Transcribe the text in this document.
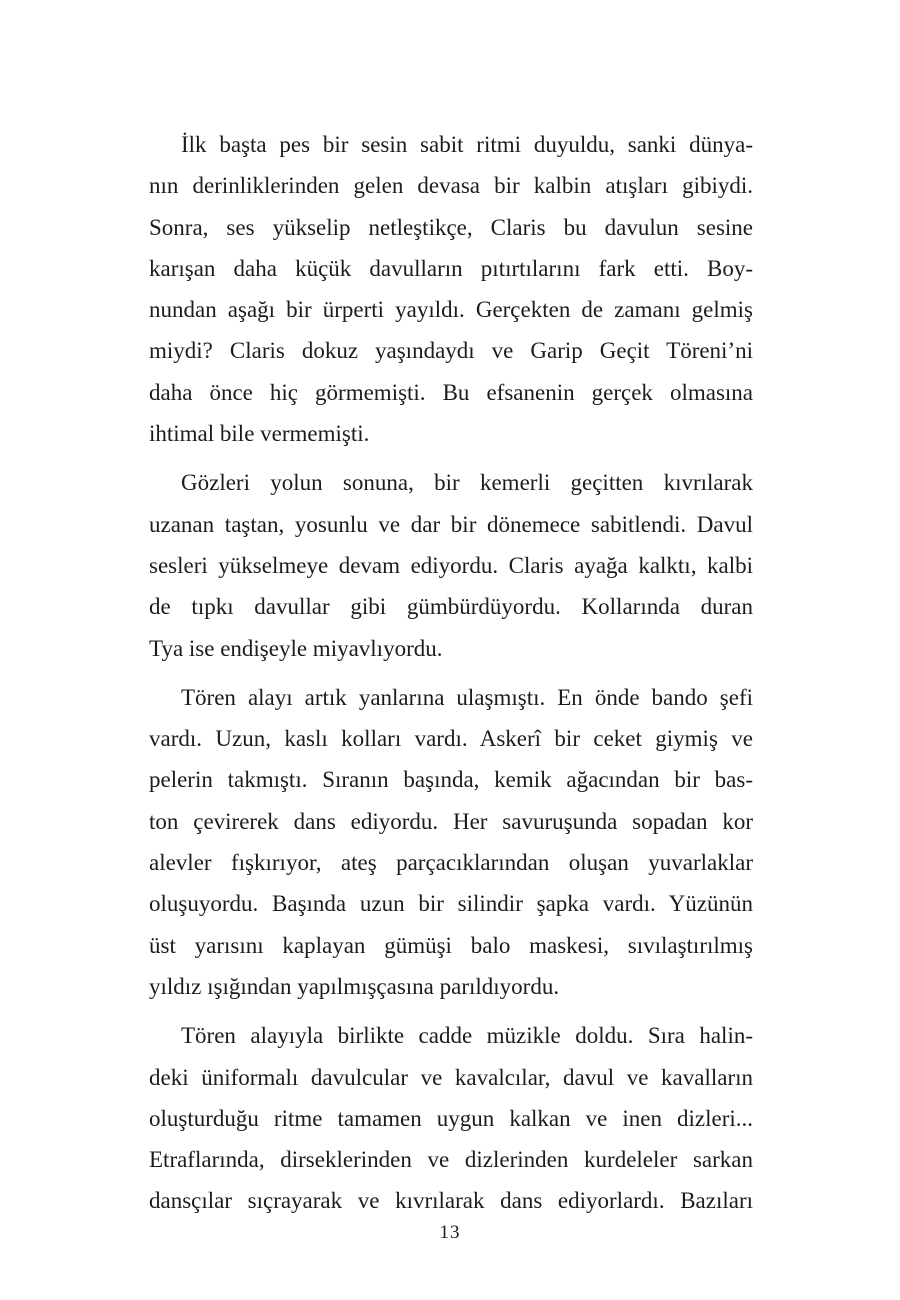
İlk başta pes bir sesin sabit ritmi duyuldu, sanki dünya-
nın derinliklerinden gelen devasa bir kalbin atışları gibiydi.
Sonra, ses yükselip netleştikçe, Claris bu davulun sesine
karışan daha küçük davulların pıtırtılarını fark etti. Boy-
nundan aşağı bir ürperti yayıldı. Gerçekten de zamanı gelmiş
miydi? Claris dokuz yaşındaydı ve Garip Geçit Töreni’ni
daha önce hiç görmemişti. Bu efsanenin gerçek olmasına
ihtimal bile vermemişti.

Gözleri yolun sonuna, bir kemerli geçitten kıvrılarak
uzanan taştan, yosunlu ve dar bir dönemece sabitlendi. Davul
sesleri yükselmeye devam ediyordu. Claris ayağa kalktı, kalbi
de tıpkı davullar gibi gümbürdüyordu. Kollarında duran
Tya ise endişeyle miyavlıyordu.

Tören alayı artık yanlarına ulaşmıştı. En önde bando şefi
vardı. Uzun, kaslı kolları vardı. Askerî bir ceket giymiş ve
pelerin takmıştı. Sıranın başında, kemik ağacından bir bas-
ton çevirerek dans ediyordu. Her savuruşunda sopadan kor
alevler fışkırıyor, ateş parçacıklarından oluşan yuvarlaklar
oluşuyordu. Başında uzun bir silindir şapka vardı. Yüzünün
üst yarısını kaplayan gümüşi balo maskesi, sıvılaştırılmış
yıldız ışığından yapılmışçasına parıldıyordu.

Tören alayıyla birlikte cadde müzikle doldu. Sıra halin-
deki üniformalı davulcular ve kavalcılar, davul ve kavalların
oluşturduğu ritme tamamen uygun kalkan ve inen dizleri...
Etraflarında, dirseklerinden ve dizlerinden kurdeleler sarkan
dansçılar sıçrayarak ve kıvrılarak dans ediyorlardı. Bazıları

13
